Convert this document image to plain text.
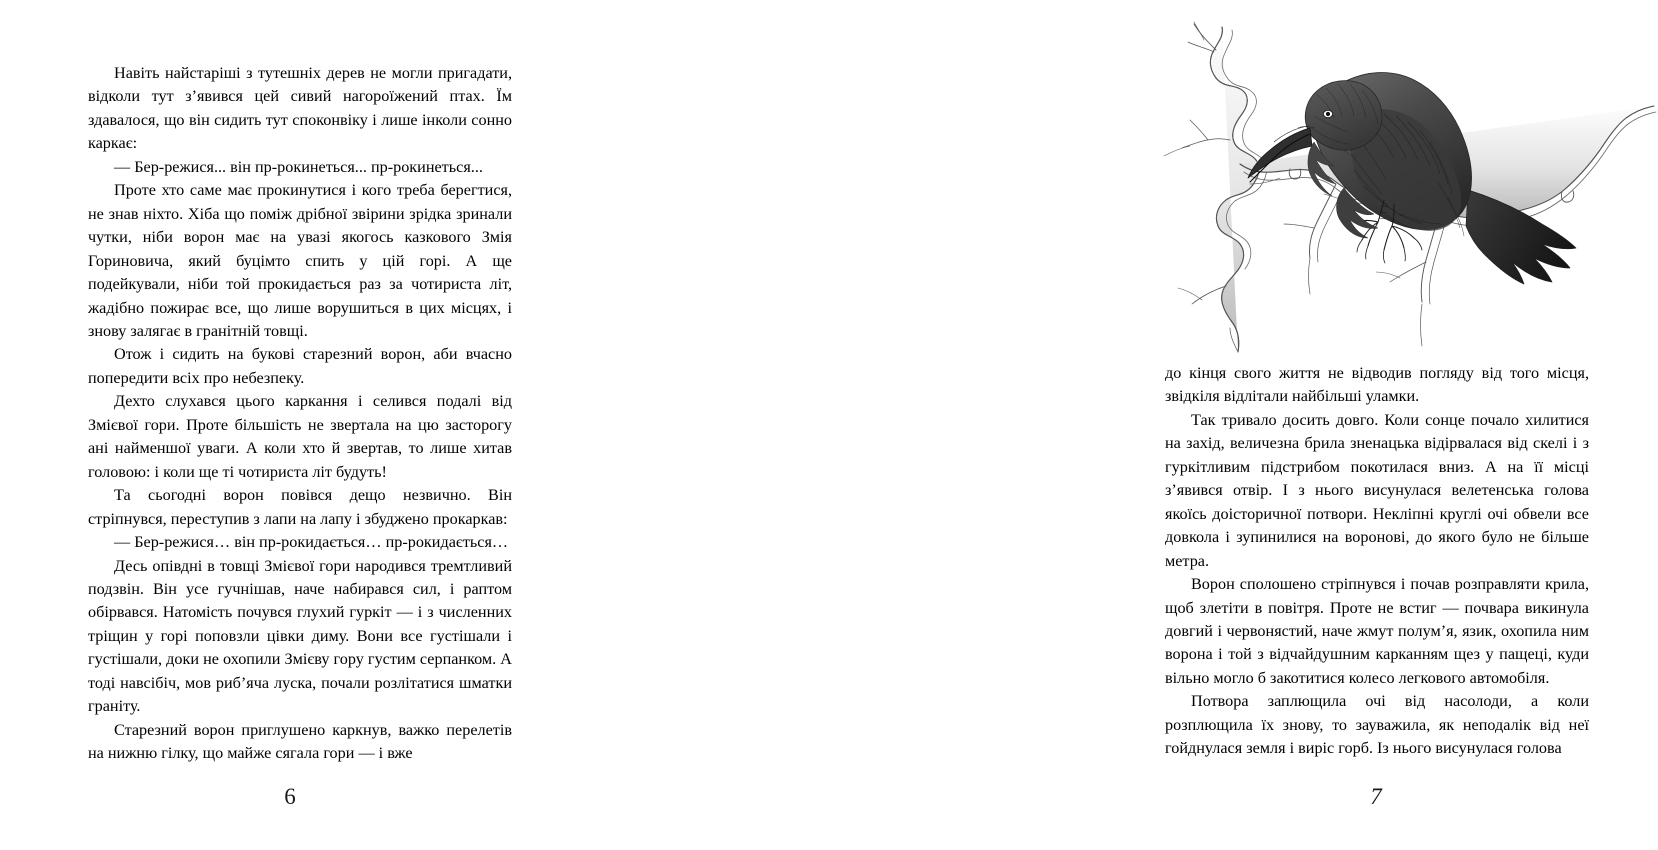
Навіть найстаріші з тутешніх дерев не могли пригадати, відколи тут з’явився цей сивий нагороїжений птах. Їм здавалося, що він сидить тут споконвіку і лише інколи сонно каркає:

— Бер-режися... він пр-рокинеться... пр-рокинеться...

Проте хто саме має прокинутися і кого треба берегтися, не знав ніхто. Хіба що поміж дрібної звірини зрідка зринали чутки, ніби ворон має на увазі якогось казкового Змія Гориновича, який буцімто спить у цій горі. А ще подейкували, ніби той прокидається раз за чотириста літ, жадібно пожирає все, що лише ворушиться в цих місцях, і знову залягає в гранітній товщі.

Отож і сидить на букові старезний ворон, аби вчасно попередити всіх про небезпеку.

Дехто слухався цього каркання і селився подалі від Змієвої гори. Проте більшість не звертала на цю засторогу ані найменшої уваги. А коли хто й звертав, то лише хитав головою: і коли ще ті чотириста літ будуть!

Та сьогодні ворон повівся дещо незвично. Він стріпнувся, переступив з лапи на лапу і збуджено прокаркав:

— Бер-режися… він пр-рокидається… пр-рокидається…

Десь опівдні в товщі Змієвої гори народився тремтливий подзвін. Він усе гучнішав, наче набирався сил, і раптом обірвався. Натомість почувся глухий гуркіт — і з численних тріщин у горі поповзли цівки диму. Вони все густішали і густішали, доки не охопили Змієву гору густим серпанком. А тоді навсібіч, мов риб’яча луска, почали розлітатися шматки граніту.

Старезний ворон приглушено каркнув, важко перелетів на нижню гілку, що майже сягала гори — і вже

6

до кінця свого життя не відводив погляду від того місця, звідкіля відлітали найбільші уламки.

Так тривало досить довго. Коли сонце почало хилитися на захід, величезна брила зненацька відірвалася від скелі і з гуркітливим підстрибом покотилася вниз. А на її місці з’явився отвір. І з нього висунулася велетенська голова якоїсь доісторичної потвори. Некліпні круглі очі обвели все довкола і зупинилися на воронові, до якого було не більше метра.

Ворон сполошено стріпнувся і почав розправляти крила, щоб злетіти в повітря. Проте не встиг — почвара викинула довгий і червонястий, наче жмут полум’я, язик, охопила ним ворона і той з відчайдушним карканням щез у пащеці, куди вільно могло б закотитися колесо легкового автомобіля.

Потвора заплющила очі від насолоди, а коли розплющила їх знову, то зауважила, як неподалік від неї гойднулася земля і виріс горб. Із нього висунулася голова

7
